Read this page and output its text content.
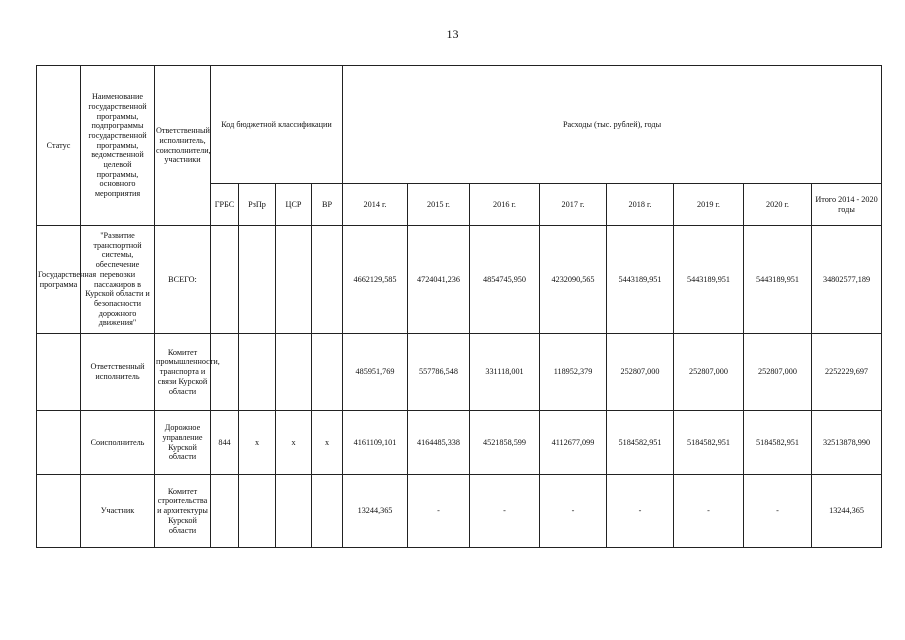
13
Статус	Наименование государственной программы, подпрограммы государственной программы, ведомственной целевой программы, основного мероприятия	Ответственный исполнитель, соисполнители, участники	Код бюджетной классификации				Расходы (тыс. рублей), годы							
			ГРБС	РзПр	ЦСР	ВР	2014 г.	2015 г.	2016 г.	2017 г.	2018 г.	2019 г.	2020 г.	Итого 2014 - 2020 годы
Государственная программа	"Развитие транспортной системы, обеспечение перевозки пассажиров в Курской области и безопасности дорожного движения"	ВСЕГО:					4662129,585	4724041,236	4854745,950	4232090,565	5443189,951	5443189,951	5443189,951	34802577,189
	Ответственный исполнитель	Комитет промышленности, транспорта и связи Курской области					485951,769	557786,548	331118,001	118952,379	252807,000	252807,000	252807,000	2252229,697
	Соисполнитель	Дорожное управление Курской области	844	х	х	х	4161109,101	4164485,338	4521858,599	4112677,099	5184582,951	5184582,951	5184582,951	32513878,990
	Участник	Комитет строительства и архитектуры Курской области					13244,365	-	-	-	-	-	-	13244,365
